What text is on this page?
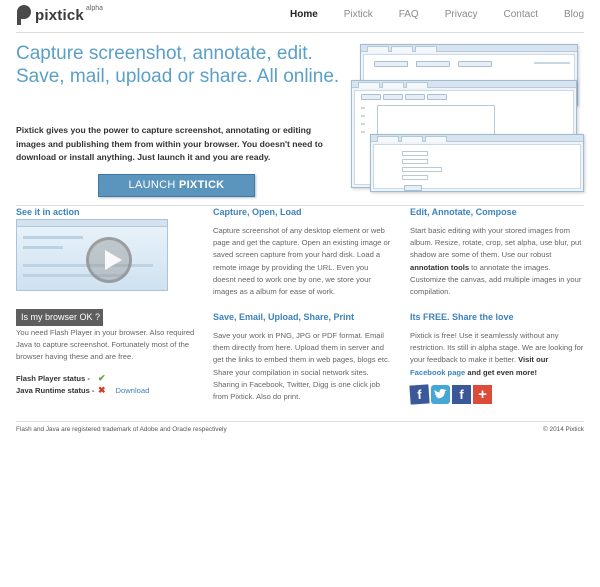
pixtick alpha
Home	Pixtick	FAQ	Privacy	Contact	Blog
Capture screenshot, annotate, edit. Save, mail, upload or share. All online.

Pixtick gives you the power to capture screenshot, annotating or editing images and publishing them from within your browser. You doesn't need to download or install anything. Just launch it and you are ready.

LAUNCH PIXTICK
See it in action
Is my browser OK ?

You need Flash Player in your browser. Also required Java to capture screenshot. Fortunately most of the browser having these and are free.

Flash Player status - ✔
Java Runtime status - ✖ Download
Capture, Open, Load

Capture screenshot of any desktop element or web page and get the capture. Open an existing image or saved screen capture from your hard disk. Load a remote image by providing the URL. Even you doesnt need to work one by one, we store your images as a album for ease of work.

Save, Email, Upload, Share, Print

Save your work in PNG, JPG or PDF format. Email them directly from here. Upload them in server and get the links to embed them in web pages, blogs etc. Share your compilation in social network sites. Sharing in Facebook, Twitter, Digg is one click job from Pixtick. Also do print.

Edit, Annotate, Compose

Start basic editing with your stored images from album. Resize, rotate, crop, set alpha, use blur, put shadow are some of them. Use our robust annotation tools to annotate the images. Customize the canvas, add multiple images in your compilation.

Its FREE. Share the love

Pixtick is free! Use it seamlessly without any restriction. Its still in alpha stage. We are looking for your feedback to make it better. Visit our Facebook page and get even more!

f	f +
Flash and Java are registered trademark of Adobe and Oracle respectively	© 2014 Pixtick
